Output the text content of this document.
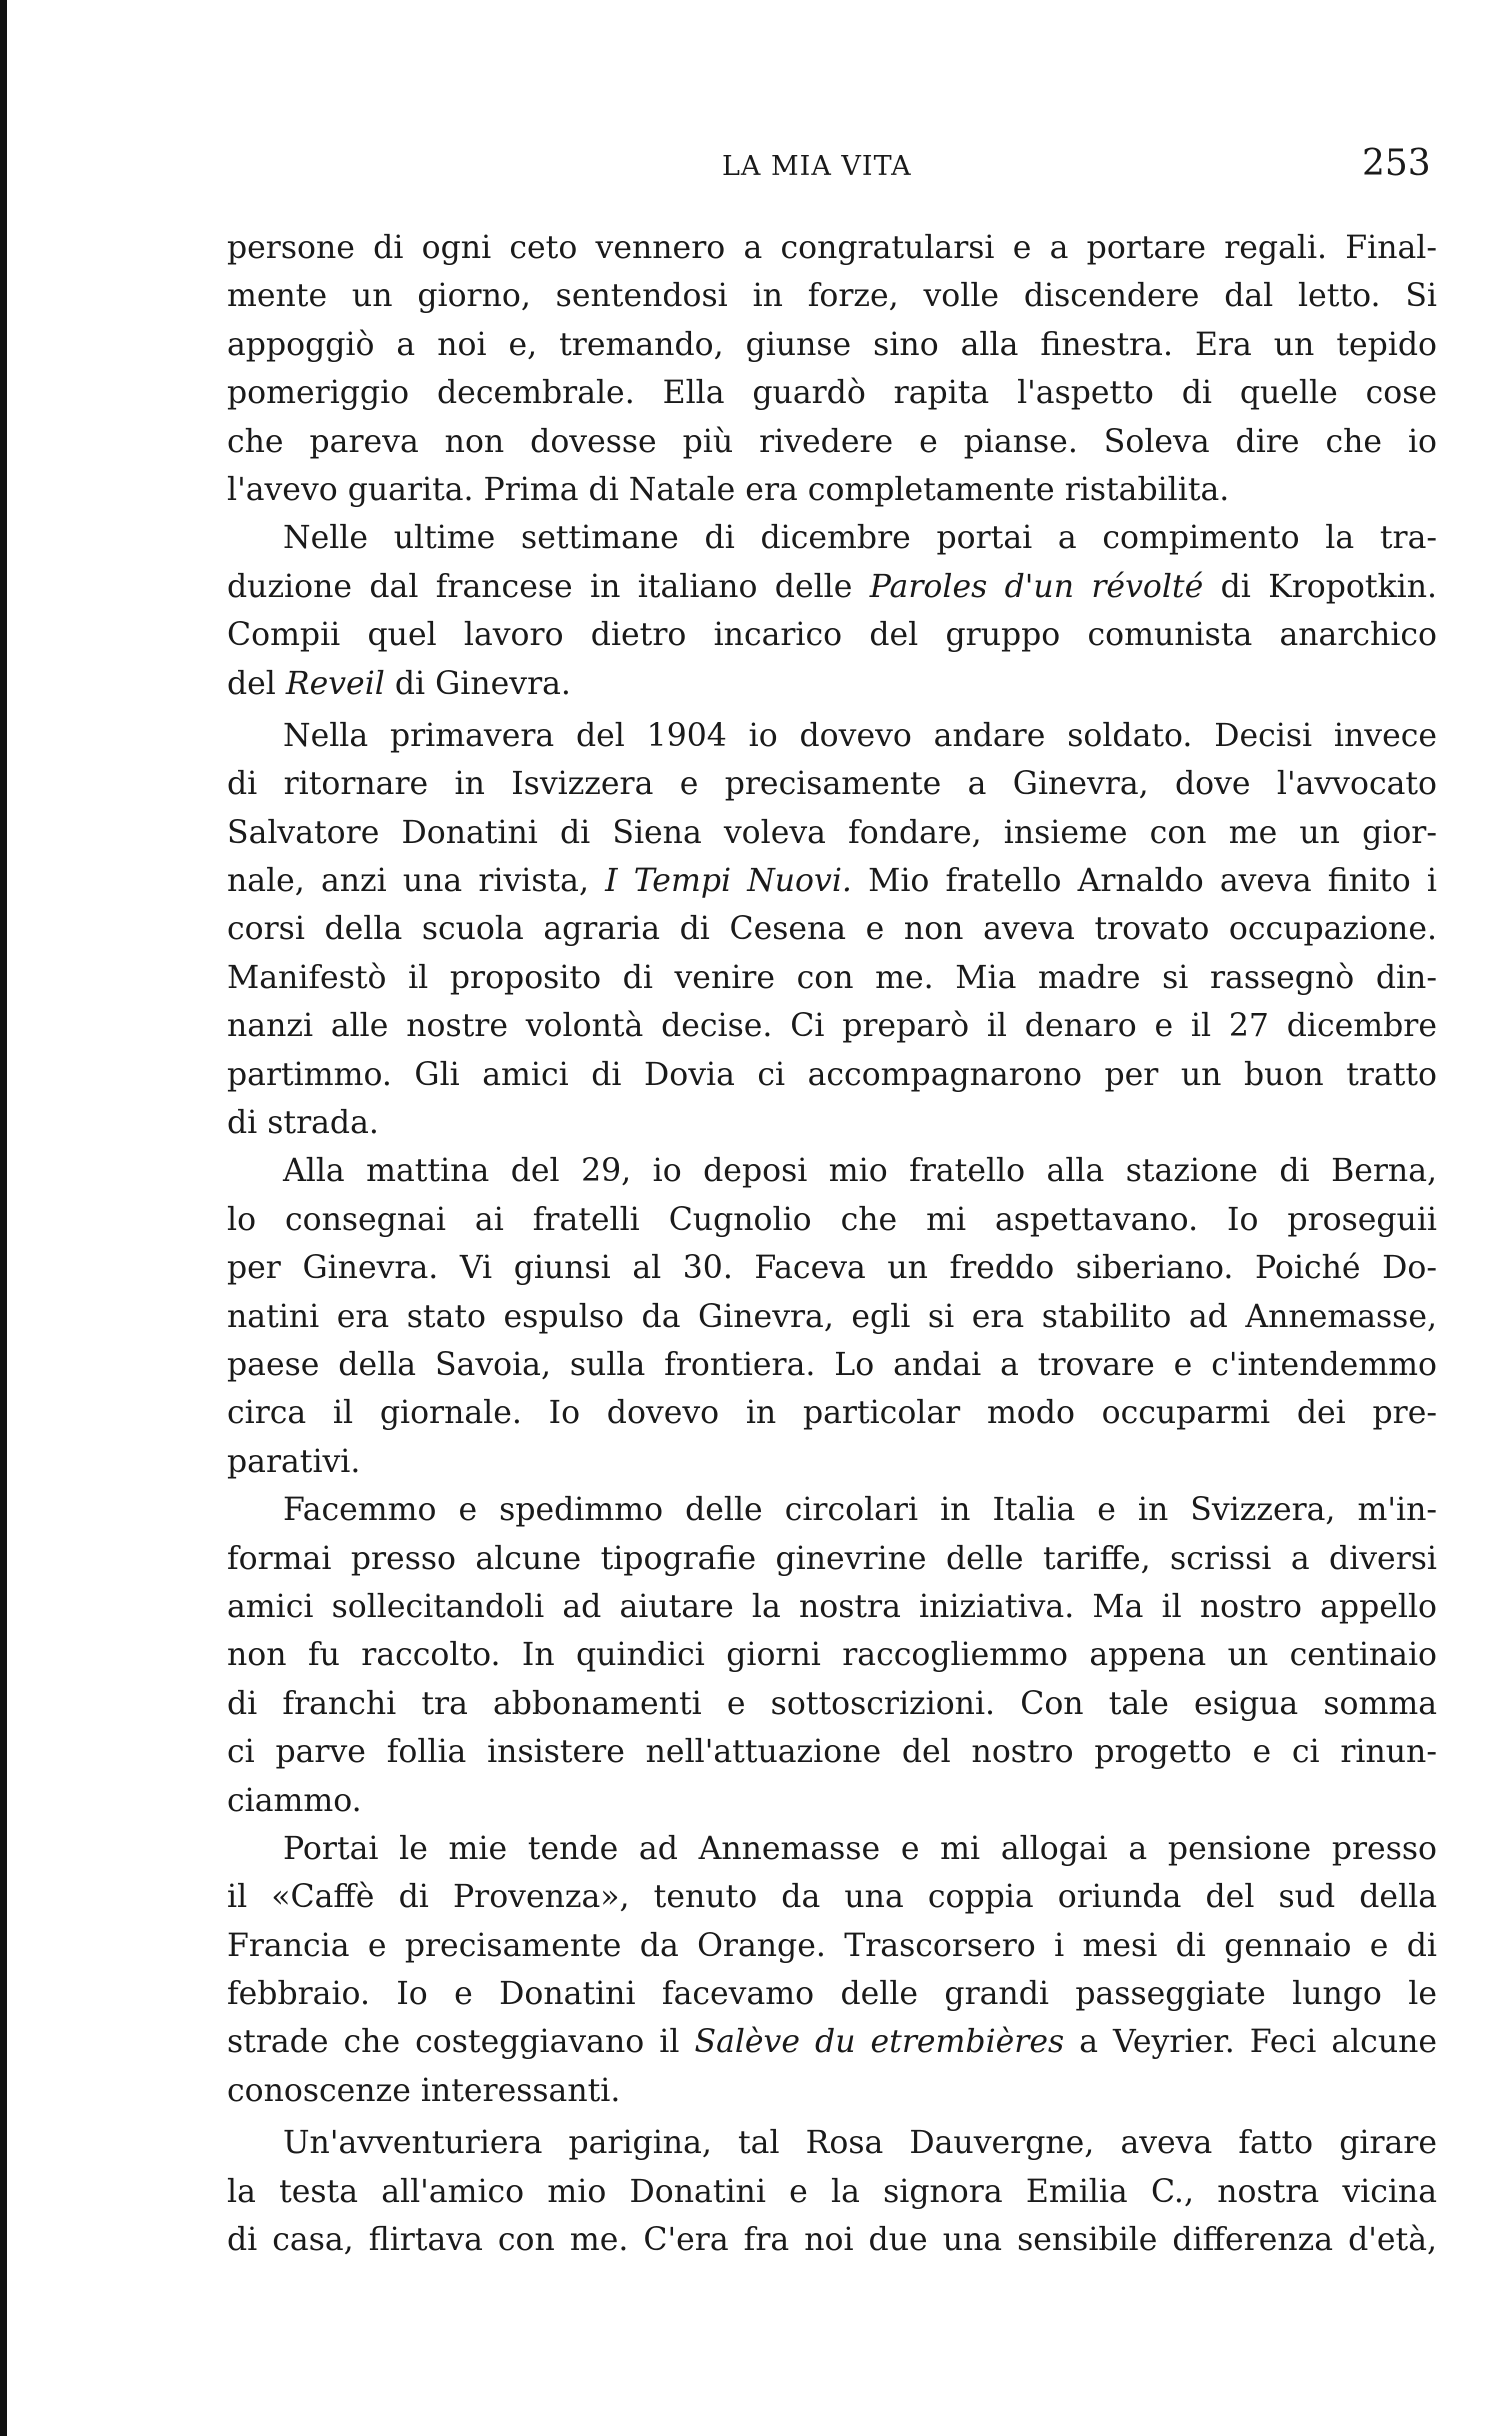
LA MIA VITA	253
persone di ogni ceto vennero a congratularsi e a portare regali. Final-
mente un giorno, sentendosi in forze, volle discendere dal letto. Si
appoggiò a noi e, tremando, giunse sino alla finestra. Era un tepido
pomeriggio decembrale. Ella guardò rapita l'aspetto di quelle cose
che pareva non dovesse più rivedere e pianse. Soleva dire che io
l'avevo guarita. Prima di Natale era completamente ristabilita.
Nelle ultime settimane di dicembre portai a compimento la tra-
duzione dal francese in italiano delle Paroles d'un révolté di Kropotkin.
Compii quel lavoro dietro incarico del gruppo comunista anarchico
del Reveil di Ginevra.
Nella primavera del 1904 io dovevo andare soldato. Decisi invece
di ritornare in Isvizzera e precisamente a Ginevra, dove l'avvocato
Salvatore Donatini di Siena voleva fondare, insieme con me un gior-
nale, anzi una rivista, I Tempi Nuovi. Mio fratello Arnaldo aveva finito i
corsi della scuola agraria di Cesena e non aveva trovato occupazione.
Manifestò il proposito di venire con me. Mia madre si rassegnò din-
nanzi alle nostre volontà decise. Ci preparò il denaro e il 27 dicembre
partimmo. Gli amici di Dovia ci accompagnarono per un buon tratto
di strada.
Alla mattina del 29, io deposi mio fratello alla stazione di Berna,
lo consegnai ai fratelli Cugnolio che mi aspettavano. Io proseguii
per Ginevra. Vi giunsi al 30. Faceva un freddo siberiano. Poiché Do-
natini era stato espulso da Ginevra, egli si era stabilito ad Annemasse,
paese della Savoia, sulla frontiera. Lo andai a trovare e c'intendemmo
circa il giornale. Io dovevo in particolar modo occuparmi dei pre-
parativi.
Facemmo e spedimmo delle circolari in Italia e in Svizzera, m'in-
formai presso alcune tipografie ginevrine delle tariffe, scrissi a diversi
amici sollecitandoli ad aiutare la nostra iniziativa. Ma il nostro appello
non fu raccolto. In quindici giorni raccogliemmo appena un centinaio
di franchi tra abbonamenti e sottoscrizioni. Con tale esigua somma
ci parve follia insistere nell'attuazione del nostro progetto e ci rinun-
ciammo.
Portai le mie tende ad Annemasse e mi allogai a pensione presso
il «Caffè di Provenza», tenuto da una coppia oriunda del sud della
Francia e precisamente da Orange. Trascorsero i mesi di gennaio e di
febbraio. Io e Donatini facevamo delle grandi passeggiate lungo le
strade che costeggiavano il Salève du etrembières a Veyrier. Feci alcune
conoscenze interessanti.
Un'avventuriera parigina, tal Rosa Dauvergne, aveva fatto girare
la testa all'amico mio Donatini e la signora Emilia C., nostra vicina
di casa, flirtava con me. C'era fra noi due una sensibile differenza d'età,
